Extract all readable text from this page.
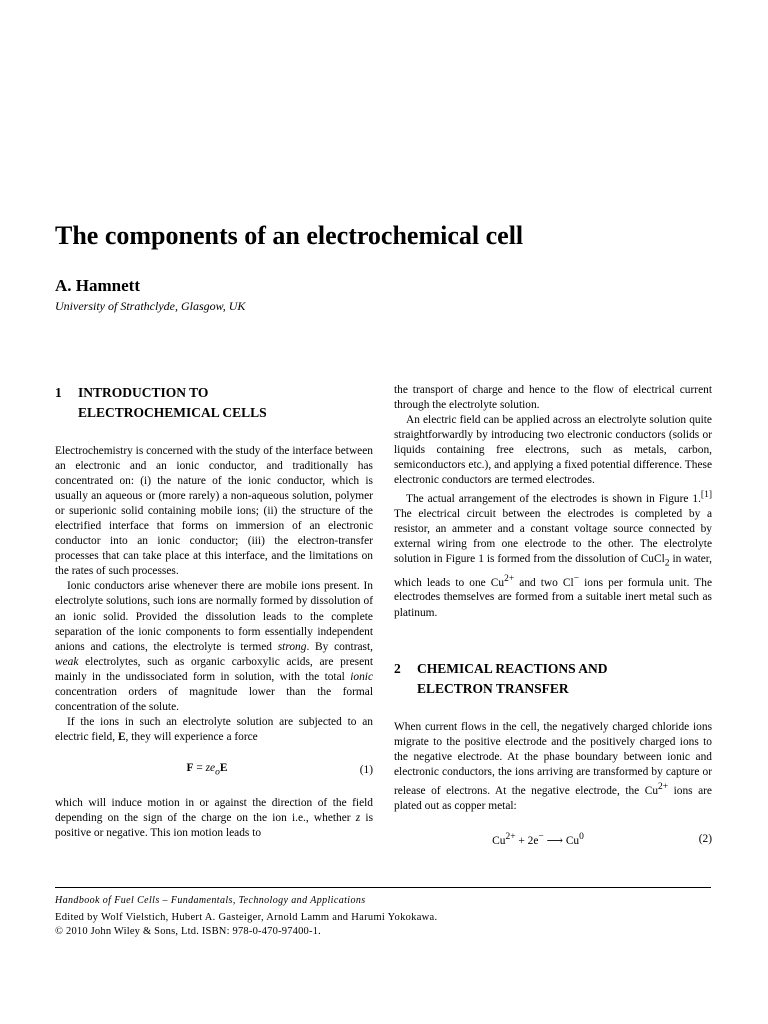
The components of an electrochemical cell
A. Hamnett
University of Strathclyde, Glasgow, UK
1	INTRODUCTION TO
ELECTROCHEMICAL CELLS

Electrochemistry is concerned with the study of the interface between an electronic and an ionic conductor, and traditionally has concentrated on: (i) the nature of the ionic conductor, which is usually an aqueous or (more rarely) a non-aqueous solution, polymer or superionic solid containing mobile ions; (ii) the structure of the electrified interface that forms on immersion of an electronic conductor into an ionic conductor; (iii) the electron-transfer processes that can take place at this interface, and the limitations on the rates of such processes.

Ionic conductors arise whenever there are mobile ions present. In electrolyte solutions, such ions are normally formed by dissolution of an ionic solid. Provided the dissolution leads to the complete separation of the ionic components to form essentially independent anions and cations, the electrolyte is termed strong. By contrast, weak electrolytes, such as organic carboxylic acids, are present mainly in the undissociated form in solution, with the total ionic concentration orders of magnitude lower than the formal concentration of the solute.

If the ions in such an electrolyte solution are subjected to an electric field, E, they will experience a force

$F = ze_oE$	(1)

which will induce motion in or against the direction of the field depending on the sign of the charge on the ion i.e., whether z is positive or negative. This ion motion leads to

the transport of charge and hence to the flow of electrical current through the electrolyte solution.

An electric field can be applied across an electrolyte solution quite straightforwardly by introducing two electronic conductors (solids or liquids containing free electrons, such as metals, carbon, semiconductors etc.), and applying a fixed potential difference. These electronic conductors are termed electrodes.

The actual arrangement of the electrodes is shown in Figure 1.[1] The electrical circuit between the electrodes is completed by a resistor, an ammeter and a constant voltage source connected by external wiring from one electrode to the other. The electrolyte solution in Figure 1 is formed from the dissolution of CuCl$_2$ in water, which leads to one $Cu^{2+}$ and two Cl− ions per formula unit. The electrodes themselves are formed from a suitable inert metal such as platinum.

2	CHEMICAL REACTIONS AND
ELECTRON TRANSFER

When current flows in the cell, the negatively charged chloride ions migrate to the positive electrode and the positively charged ions to the negative electrode. At the phase boundary between ionic and electronic conductors, the ions arriving are transformed by capture or release of electrons. At the negative electrode, the $Cu^{2+}$ ions are plated out as copper metal:

$Cu^{2+} + 2e^-$ ⟶ Cu$^0$	(2)
Handbook of Fuel Cells – Fundamentals, Technology and Applications
Edited by Wolf Vielstich, Hubert A. Gasteiger, Arnold Lamm and Harumi Yokokawa.
© 2010 John Wiley & Sons, Ltd. ISBN: 978-0-470-97400-1.
